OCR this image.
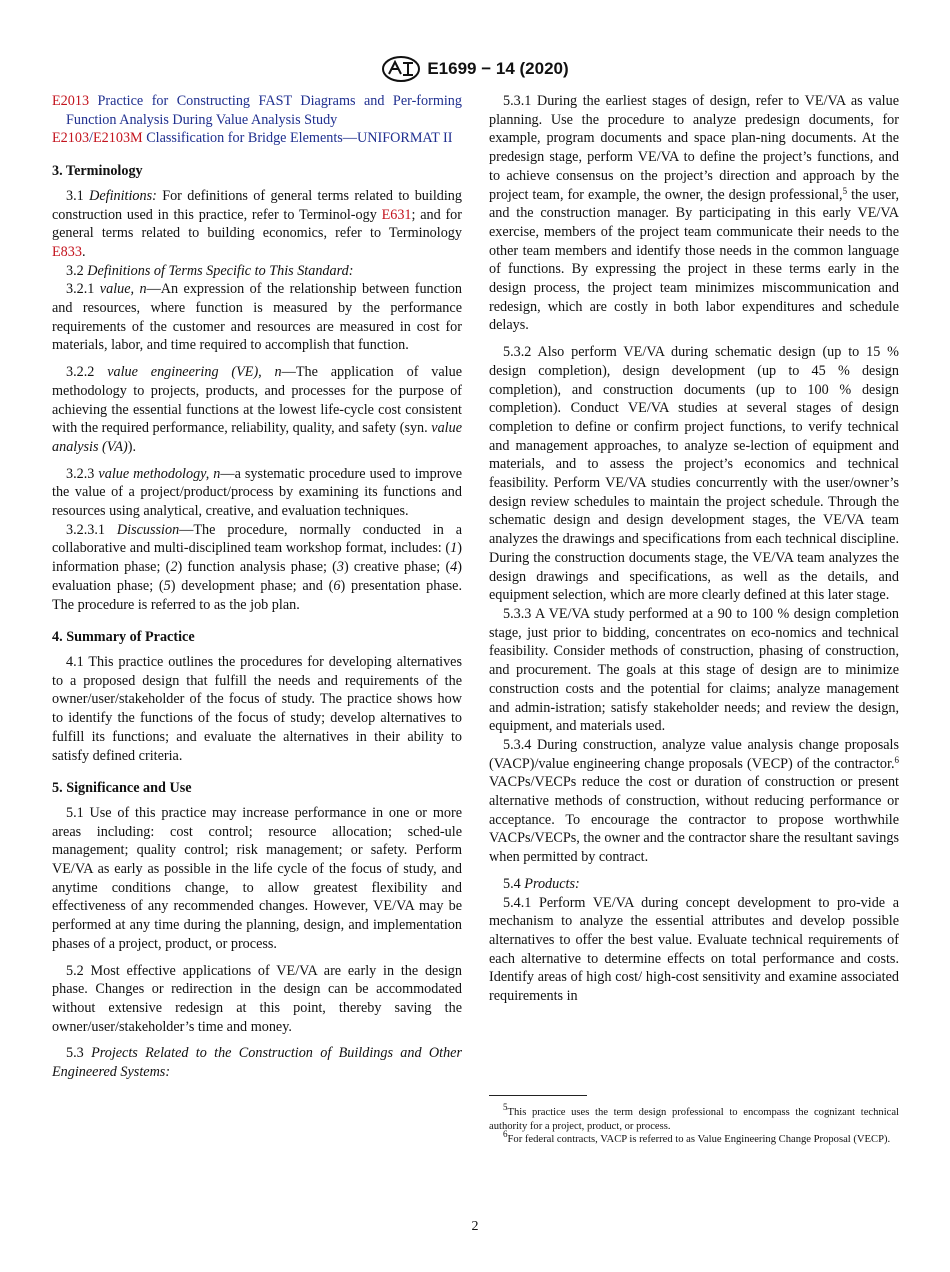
E1699 − 14 (2020)

E2013 Practice for Constructing FAST Diagrams and Per-forming Function Analysis During Value Analysis Study

E2103/E2103M Classification for Bridge Elements—UNIFORMAT II

3. Terminology

3.1 Definitions: For definitions of general terms related to building construction used in this practice, refer to Terminol-ogy E631; and for general terms related to building economics, refer to Terminology E833.

3.2 Definitions of Terms Specific to This Standard:

3.2.1 value, n—An expression of the relationship between function and resources, where function is measured by the performance requirements of the customer and resources are measured in cost for materials, labor, and time required to accomplish that function.

3.2.2 value engineering (VE), n—The application of value methodology to projects, products, and processes for the purpose of achieving the essential functions at the lowest life-cycle cost consistent with the required performance, reliability, quality, and safety (syn. value analysis (VA)).

3.2.3 value methodology, n—a systematic procedure used to improve the value of a project/product/process by examining its functions and resources using analytical, creative, and evaluation techniques.

3.2.3.1 Discussion—The procedure, normally conducted in a collaborative and multi-disciplined team workshop format, includes: (1) information phase; (2) function analysis phase; (3) creative phase; (4) evaluation phase; (5) development phase; and (6) presentation phase. The procedure is referred to as the job plan.

4. Summary of Practice

4.1 This practice outlines the procedures for developing alternatives to a proposed design that fulfill the needs and requirements of the owner/user/stakeholder of the focus of study. The practice shows how to identify the functions of the focus of study; develop alternatives to fulfill its functions; and evaluate the alternatives in their ability to satisfy defined criteria.

5. Significance and Use

5.1 Use of this practice may increase performance in one or more areas including: cost control; resource allocation; sched-ule management; quality control; risk management; or safety. Perform VE/VA as early as possible in the life cycle of the focus of study, and anytime conditions change, to allow greatest flexibility and effectiveness of any recommended changes. However, VE/VA may be performed at any time during the planning, design, and implementation phases of a project, product, or process.

5.2 Most effective applications of VE/VA are early in the design phase. Changes or redirection in the design can be accommodated without extensive redesign at this point, thereby saving the owner/user/stakeholder’s time and money.

5.3 Projects Related to the Construction of Buildings and Other Engineered Systems:

5.3.1 During the earliest stages of design, refer to VE/VA as value planning. Use the procedure to analyze predesign documents, for example, program documents and space plan-ning documents. At the predesign stage, perform VE/VA to define the project’s functions, and to achieve consensus on the project’s direction and approach by the project team, for example, the owner, the design professional,$^5$ the user, and the construction manager. By participating in this early VE/VA exercise, members of the project team communicate their needs to the other team members and identify those needs in the common language of functions. By expressing the project in these terms early in the design process, the project team minimizes miscommunication and redesign, which are costly in both labor expenditures and schedule delays.

5.3.2 Also perform VE/VA during schematic design (up to 15 % design completion), design development (up to 45 % design completion), and construction documents (up to 100 % design completion). Conduct VE/VA studies at several stages of design completion to define or confirm project functions, to verify technical and management approaches, to analyze se-lection of equipment and materials, and to assess the project’s economics and technical feasibility. Perform VE/VA studies concurrently with the user/owner’s design review schedules to maintain the project schedule. Through the schematic design and design development stages, the VE/VA team analyzes the drawings and specifications from each technical discipline. During the construction documents stage, the VE/VA team analyzes the design drawings and specifications, as well as the details, and equipment selection, which are more clearly defined at this later stage.

5.3.3 A VE/VA study performed at a 90 to 100 % design completion stage, just prior to bidding, concentrates on eco-nomics and technical feasibility. Consider methods of construction, phasing of construction, and procurement. The goals at this stage of design are to minimize construction costs and the potential for claims; analyze management and admin-istration; satisfy stakeholder needs; and review the design, equipment, and materials used.

5.3.4 During construction, analyze value analysis change proposals (VACP)/value engineering change proposals (VECP) of the contractor.$^6$ VACPs/VECPs reduce the cost or duration of construction or present alternative methods of construction, without reducing performance or acceptance. To encourage the contractor to propose worthwhile VACPs/VECPs, the owner and the contractor share the resultant savings when permitted by contract.

5.4 Products:

5.4.1 Perform VE/VA during concept development to pro-vide a mechanism to analyze the essential attributes and develop possible alternatives to offer the best value. Evaluate technical requirements of each alternative to determine effects on total performance and costs. Identify areas of high cost/ high-cost sensitivity and examine associated requirements in

$^5$This practice uses the term design professional to encompass the cognizant technical authority for a project, product, or process.

$^6$For federal contracts, VACP is referred to as Value Engineering Change Proposal (VECP).

2
